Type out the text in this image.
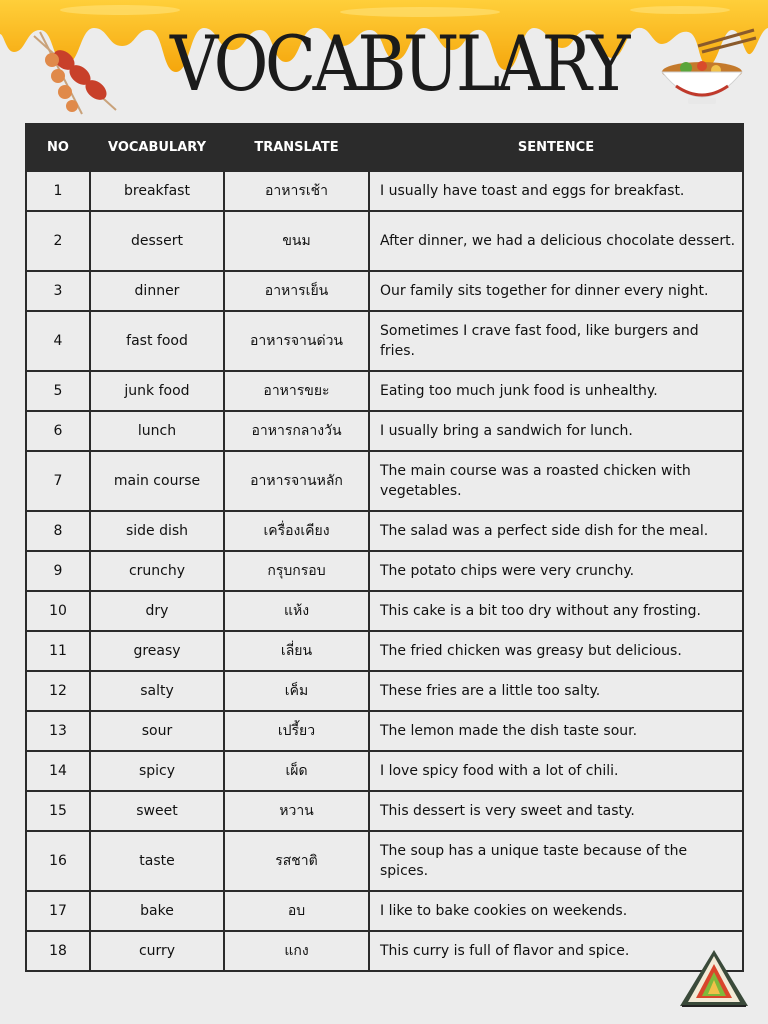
VOCABULARY
NO	VOCABULARY	TRANSLATE	SENTENCE
1	breakfast	อาหารเช้า	I usually have toast and eggs for breakfast.
2	dessert	ขนม	After dinner, we had a delicious chocolate dessert.
3	dinner	อาหารเย็น	Our family sits together for dinner every night.
4	fast food	อาหารจานด่วน	Sometimes I crave fast food, like burgers and fries.
5	junk food	อาหารขยะ	Eating too much junk food is unhealthy.
6	lunch	อาหารกลางวัน	I usually bring a sandwich for lunch.
7	main course	อาหารจานหลัก	The main course was a roasted chicken with vegetables.
8	side dish	เครื่องเคียง	The salad was a perfect side dish for the meal.
9	crunchy	กรุบกรอบ	The potato chips were very crunchy.
10	dry	แห้ง	This cake is a bit too dry without any frosting.
11	greasy	เลี่ยน	The fried chicken was greasy but delicious.
12	salty	เค็ม	These fries are a little too salty.
13	sour	เปรี้ยว	The lemon made the dish taste sour.
14	spicy	เผ็ด	I love spicy food with a lot of chili.
15	sweet	หวาน	This dessert is very sweet and tasty.
16	taste	รสชาติ	The soup has a unique taste because of the spices.
17	bake	อบ	I like to bake cookies on weekends.
18	curry	แกง	This curry is full of flavor and spice.
